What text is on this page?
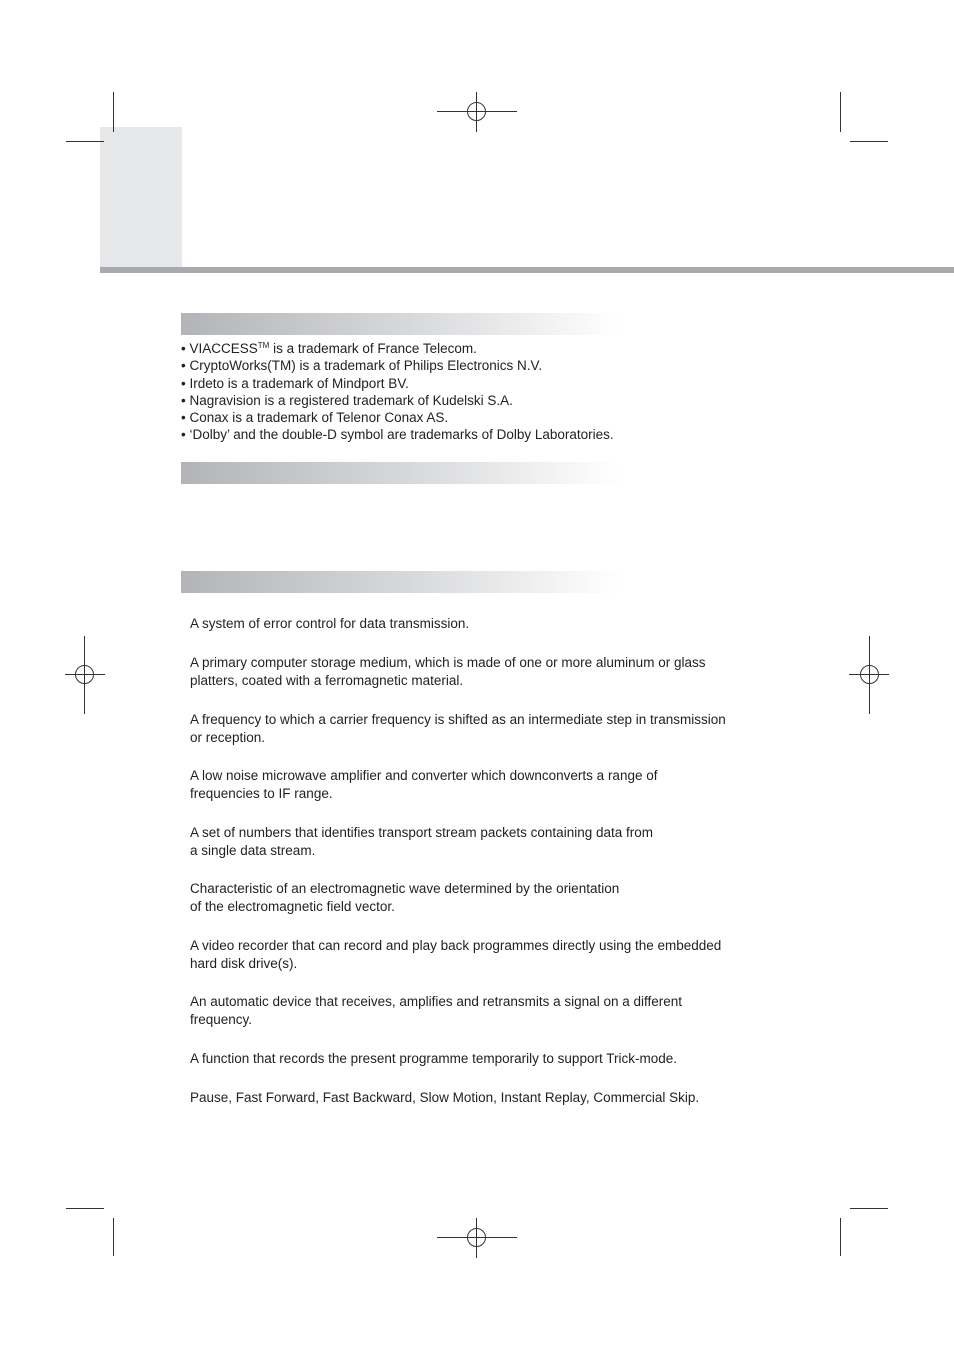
• VIACCESS™ is a trademark of France Telecom.
• CryptoWorks(TM) is a trademark of Philips Electronics N.V.
• Irdeto is a trademark of Mindport BV.
• Nagravision is a registered trademark of Kudelski S.A.
• Conax is a trademark of Telenor Conax AS.
• ‘Dolby’ and the double-D symbol are trademarks of Dolby Laboratories.
A system of error control for data transmission.
A primary computer storage medium, which is made of one or more aluminum or glass
platters, coated with a ferromagnetic material.
A frequency to which a carrier frequency is shifted as an intermediate step in transmission
or reception.
A low noise microwave amplifier and converter which downconverts a range of
frequencies to IF range.
A set of numbers that identifies transport stream packets containing data from
a single data stream.
Characteristic of an electromagnetic wave determined by the orientation
of the electromagnetic field vector.
A video recorder that can record and play back programmes directly using the embedded
hard disk drive(s).
An automatic device that receives, amplifies and retransmits a signal on a different
frequency.
A function that records the present programme temporarily to support Trick-mode.
Pause, Fast Forward, Fast Backward, Slow Motion, Instant Replay, Commercial Skip.
